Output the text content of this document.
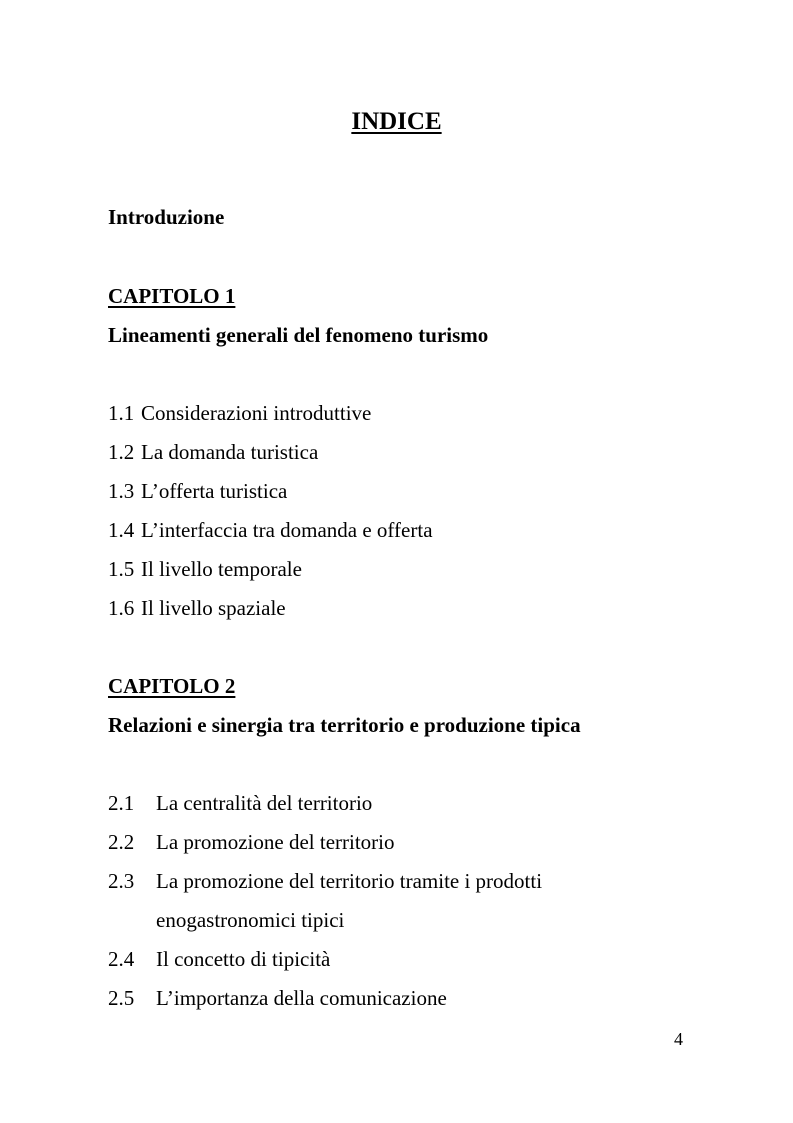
INDICE
Introduzione
CAPITOLO 1
Lineamenti generali del fenomeno turismo
1.1 Considerazioni introduttive
1.2 La domanda turistica
1.3 L’offerta turistica
1.4 L’interfaccia tra domanda e offerta
1.5 Il livello temporale
1.6 Il livello spaziale
CAPITOLO 2
Relazioni e sinergia tra territorio e produzione tipica
2.1 La centralità del territorio
2.2 La promozione del territorio
2.3 La promozione del territorio tramite i prodotti
enogastronomici tipici
2.4 Il concetto di tipicità
2.5 L’importanza della comunicazione
4
